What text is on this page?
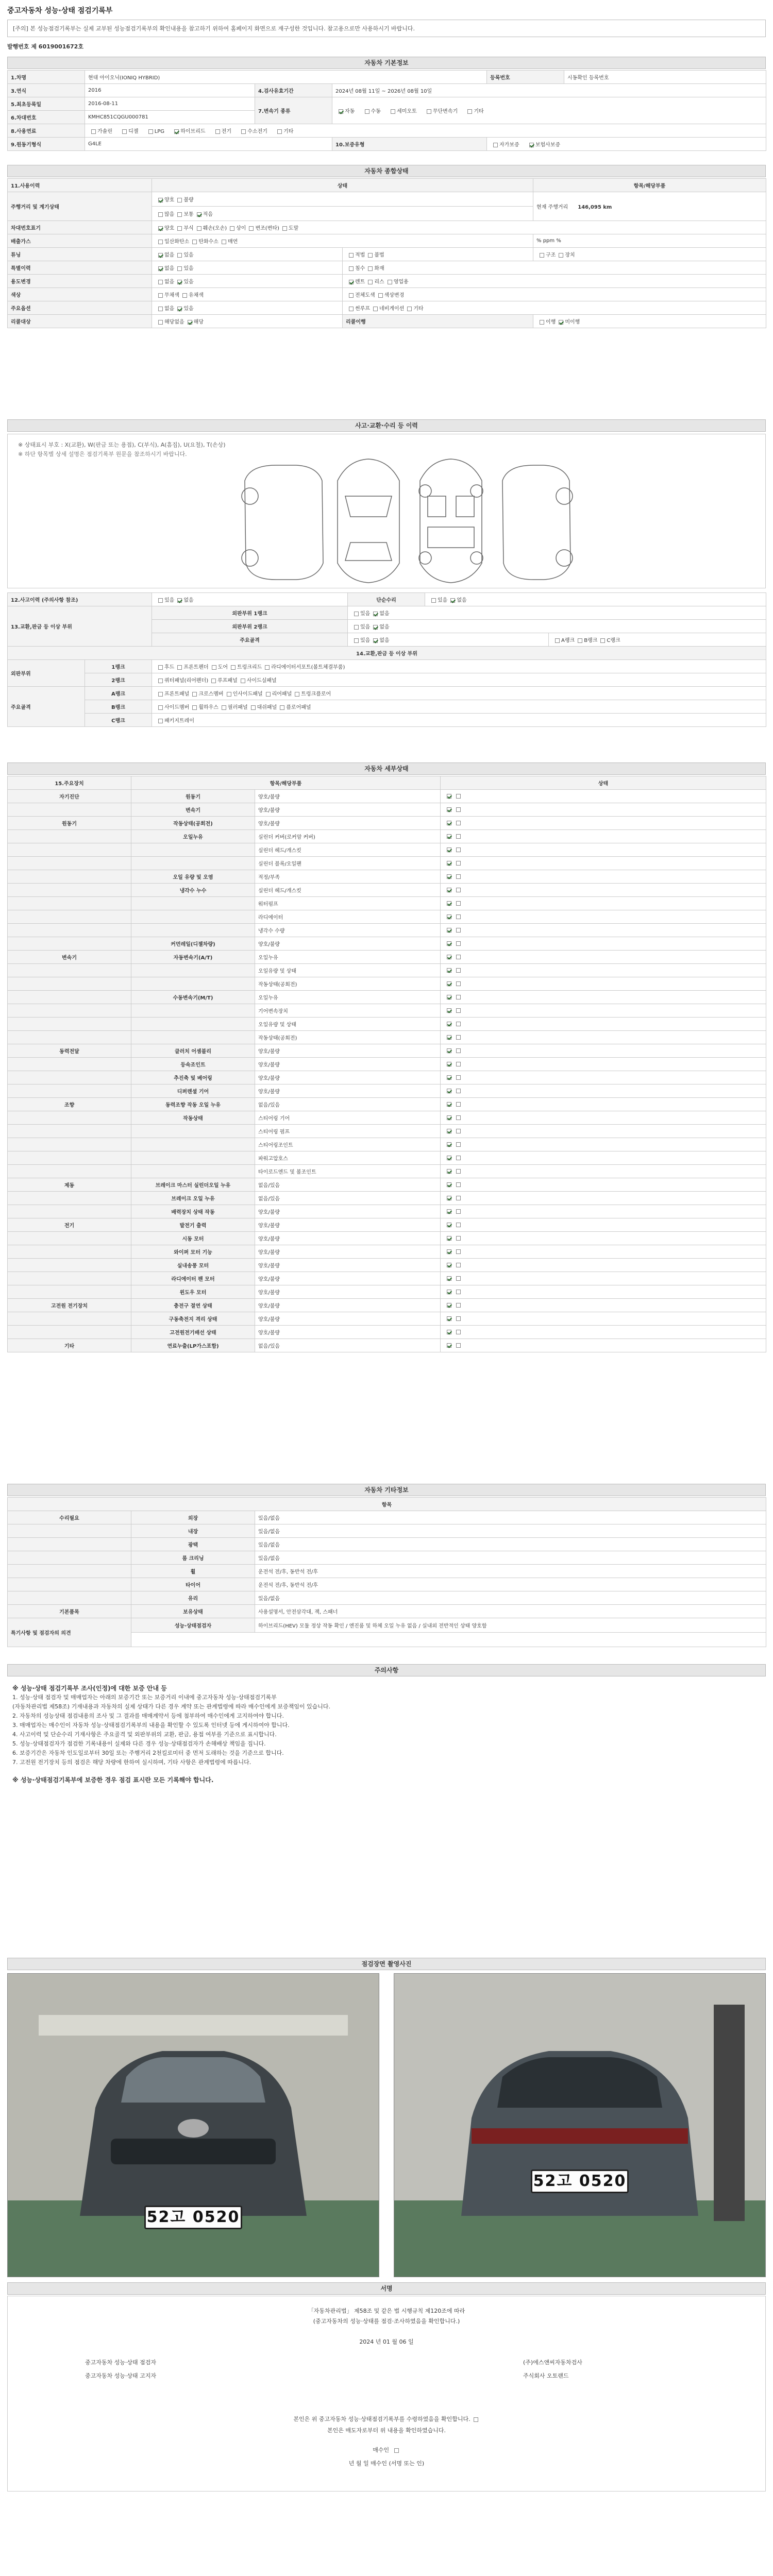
중고자동차 성능·상태 점검기록부
[주의] 본 성능점검기록부는 실제 교부된 성능점검기록부의 확인내용을 참고하기 위하여 홈페이지 화면으로 재구성한 것입니다. 참고용으로만 사용하시기 바랍니다.
발행번호 제 6019001672호
자동차 기본정보
1.차명	현대 아이오닉(IONIQ HYBRID)			등록번호	시동확인 등록번호
3.연식	2016	4.검사유효기간	2024년 08월 11일 ~ 2026년 08월 10일		
5.최초등록일	2016-08-11	7.변속기 종류	자동 수동 세미오토 무단변속기 기타		
6.차대번호	KMHC851CQGU000781				
8.사용연료	가솔린 디젤 LPG 하이브리드 전기 수소전기 기타				
9.원동기형식	G4LE		10.보증유형	자가보증 보험사보증	
자동차 종합상태
11.사용이력	상태		항목/해당부품
주행거리 및 계기상태	양호 불량		현재 주행거리 146,095 km
	많음 보통 적음		
차대번호표기	양호 부식 훼손(오손) 상이 변조(변타) 도말		
배출가스	일산화탄소 탄화수소 매연		% ppm %
튜닝	없음 있음	적법 불법	구조 장치
특별이력	없음 있음	침수 화재	
용도변경	없음 있음	렌트 리스 영업용	
색상	무채색 유채색	전체도색 색상변경	
주요옵션	없음 있음	썬루프 네비게이션 기타	
리콜대상	해당없음 해당	리콜이행	이행 미이행
사고·교환·수리 등 이력
※ 상태표시 부호 : X(교환), W(판금 또는 용접), C(부식), A(흠집), U(요철), T(손상)
※ 하단 항목별 상세 설명은 점검기록부 원문을 참조하시기 바랍니다.
12.사고이력 (주의사항 참조)		있음 없음	단순수리	있음 없음	
13.교환,판금 등 이상 부위		외판부위 1랭크	있음 없음		
		외판부위 2랭크	있음 없음		
		주요골격	있음 없음		A랭크 B랭크 C랭크
14.교환,판금 등 이상 부위					
외판부위	1랭크	후드 프론트펜더 도어 트렁크리드 라디에이터서포트(볼트체결부품)			
	2랭크	쿼터패널(리어펜더) 루프패널 사이드실패널			
주요골격	A랭크	프론트패널 크로스멤버 인사이드패널 리어패널 트렁크플로어			
	B랭크	사이드멤버 휠하우스 필러패널 대쉬패널 플로어패널			
	C랭크	패키지트레이			
자동차 세부상태
15.주요장치	항목/해당부품		상태
자기진단	원동기	양호/불량	
	변속기	양호/불량	
원동기	작동상태(공회전)	양호/불량	
	오일누유	실린더 커버(로커암 커버)	
		실린더 헤드/개스킷	
		실린더 블록/오일팬	
	오일 유량 및 오염	적정/부족	
	냉각수 누수	실린더 헤드/개스킷	
		워터펌프	
		라디에이터	
		냉각수 수량	
	커먼레일(디젤차량)	양호/불량	
변속기	자동변속기(A/T)	오일누유	
		오일유량 및 상태	
		작동상태(공회전)	
	수동변속기(M/T)	오일누유	
		기어변속장치	
		오일유량 및 상태	
		작동상태(공회전)	
동력전달	클러치 어셈블리	양호/불량	
	등속조인트	양호/불량	
	추진축 및 베어링	양호/불량	
	디퍼렌셜 기어	양호/불량	
조향	동력조향 작동 오일 누유	없음/있음	
	작동상태	스티어링 기어	
		스티어링 펌프	
		스티어링조인트	
		파워고압호스	
		타이로드엔드 및 볼조인트	
제동	브레이크 마스터 실린더오일 누유	없음/있음	
	브레이크 오일 누유	없음/있음	
	배력장치 상태 작동	양호/불량	
전기	발전기 출력	양호/불량	
	시동 모터	양호/불량	
	와이퍼 모터 기능	양호/불량	
	실내송풍 모터	양호/불량	
	라디에이터 팬 모터	양호/불량	
	윈도우 모터	양호/불량	
고전원 전기장치	충전구 절연 상태	양호/불량	
	구동축전지 격리 상태	양호/불량	
	고전원전기배선 상태	양호/불량	
기타	연료누출(LP가스포함)	없음/있음	
자동차 기타정보
항목		
수리필요	외장	있음/없음
	내장	있음/없음
	광택	있음/없음
	룸 크리닝	있음/없음
	휠	운전석 전/후, 동반석 전/후
	타이어	운전석 전/후, 동반석 전/후
	유리	있음/없음
기본품목	보유상태	사용설명서, 안전삼각대, 잭, 스패너
특기사항 및 점검자의 의견	성능·상태점검자	하이브리드(HEV) 모듈 정상 작동 확인 / 엔진룸 및 하체 오일 누유 없음 / 실내외 전반적인 상태 양호함

주의사항
※ 성능·상태 점검기록부 조사(인정)에 대한 보증 안내 등
1. 성능·상태 점검자 및 매매업자는 아래의 보증기간 또는 보증거리 이내에 중고자동차 성능·상태점검기록부
(자동차관리법 제58조) 기재내용과 자동차의 실제 상태가 다른 경우 계약 또는 관계법령에 따라 매수인에게 보증책임이 있습니다.
2. 자동차의 성능상태 점검내용의 조사 및 그 결과를 매매계약서 등에 첨부하여 매수인에게 고지하여야 합니다.
3. 매매업자는 매수인이 자동차 성능·상태점검기록부의 내용을 확인할 수 있도록 인터넷 등에 게시하여야 합니다.
4. 사고이력 및 단순수리 기재사항은 주요골격 및 외판부위의 교환, 판금, 용접 여부를 기준으로 표시합니다.
5. 성능·상태점검자가 점검한 기록내용이 실제와 다른 경우 성능·상태점검자가 손해배상 책임을 집니다.
6. 보증기간은 자동차 인도일로부터 30일 또는 주행거리 2천킬로미터 중 먼저 도래하는 것을 기준으로 합니다.
7. 고전원 전기장치 등의 점검은 해당 차량에 한하여 실시하며, 기타 사항은 관계법령에 따릅니다.
※ 성능·상태점검기록부에 보증한 경우 점검 표시란 모든 기록해야 합니다.
점검장면 촬영사진
52고 0520
52고 0520
서명
「자동차관리법」 제58조 및 같은 법 시행규칙 제120조에 따라
(중고자동차의 성능·상태를 점검·조사하였음을 확인합니다.)
2024 년 01 월 06 일
중고자동차 성능·상태 점검자	(주)에스앤씨자동차검사
중고자동차 성능·상태 고지자	주식회사 오토랜드
본인은 위 중고자동차 성능·상태점검기록부를 수령하였음을 확인합니다.
본인은 매도자로부터 위 내용을 확인하였습니다.
매수인
년 월 일 매수인 (서명 또는 인)
